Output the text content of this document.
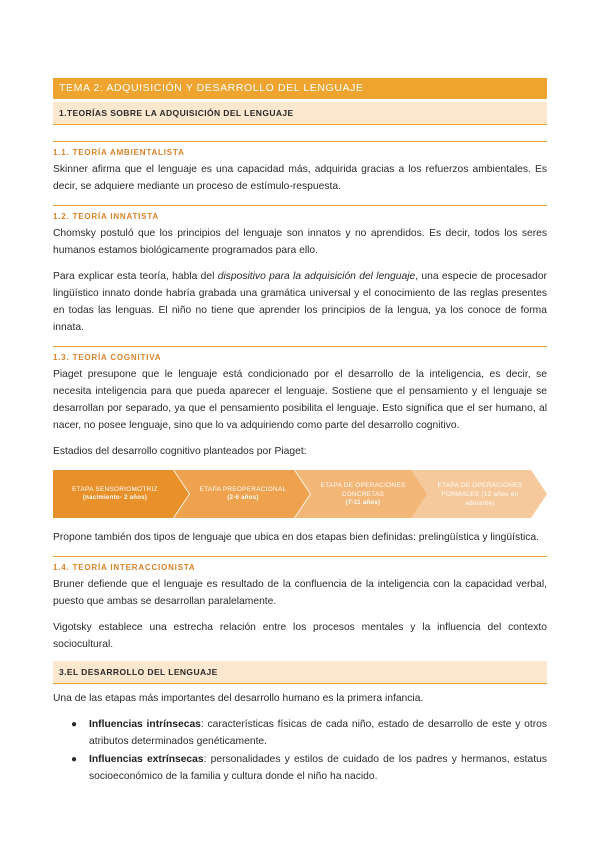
TEMA 2: ADQUISICIÓN Y DESARROLLO DEL LENGUAJE
1.TEORÍAS SOBRE LA ADQUISICIÓN DEL LENGUAJE
1.1. TEORÍA AMBIENTALISTA

Skinner afirma que el lenguaje es una capacidad más, adquirida gracias a los refuerzos ambientales. Es decir, se adquiere mediante un proceso de estímulo-respuesta.

1.2. TEORÍA INNATISTA

Chomsky postuló que los principios del lenguaje son innatos y no aprendidos. Es decir, todos los seres humanos estamos biológicamente programados para ello.

Para explicar esta teoría, habla del dispositivo para la adquisición del lenguaje, una especie de procesador lingüístico innato donde habría grabada una gramática universal y el conocimiento de las reglas presentes en todas las lenguas. El niño no tiene que aprender los principios de la lengua, ya los conoce de forma innata.

1.3. TEORÍA COGNITIVA

Piaget presupone que le lenguaje está condicionado por el desarrollo de la inteligencia, es decir, se necesita inteligencia para que pueda aparecer el lenguaje. Sostiene que el pensamiento y el lenguaje se desarrollan por separado, ya que el pensamiento posibilita el lenguaje. Esto significa que el ser humano, al nacer, no posee lenguaje, sino que lo va adquiriendo como parte del desarrollo cognitivo.

Estadios del desarrollo cognitivo planteados por Piaget:

ETAPA SENSORIOMOTRIZ
(nacimiento- 2 años)
ETAPA PREOPERACIONAL
(2-6 años)
ETAPA DE OPERACIONES CONCRETAS
(7-11 años)
ETAPA DE OPERACIONES FORMALES (12 años en adelante)

Propone también dos tipos de lenguaje que ubica en dos etapas bien definidas: prelingüística y lingüística.

1.4. TEORÍA INTERACCIONISTA

Bruner defiende que el lenguaje es resultado de la confluencia de la inteligencia con la capacidad verbal, puesto que ambas se desarrollan paralelamente.

Vigotsky establece una estrecha relación entre los procesos mentales y la influencia del contexto sociocultural.

3.EL DESARROLLO DEL LENGUAJE

Una de las etapas más importantes del desarrollo humano es la primera infancia.

● Influencias intrínsecas: características físicas de cada niño, estado de desarrollo de este y otros atributos determinados genéticamente.
● Influencias extrínsecas: personalidades y estilos de cuidado de los padres y hermanos, estatus socioeconómico de la familia y cultura donde el niño ha nacido.
